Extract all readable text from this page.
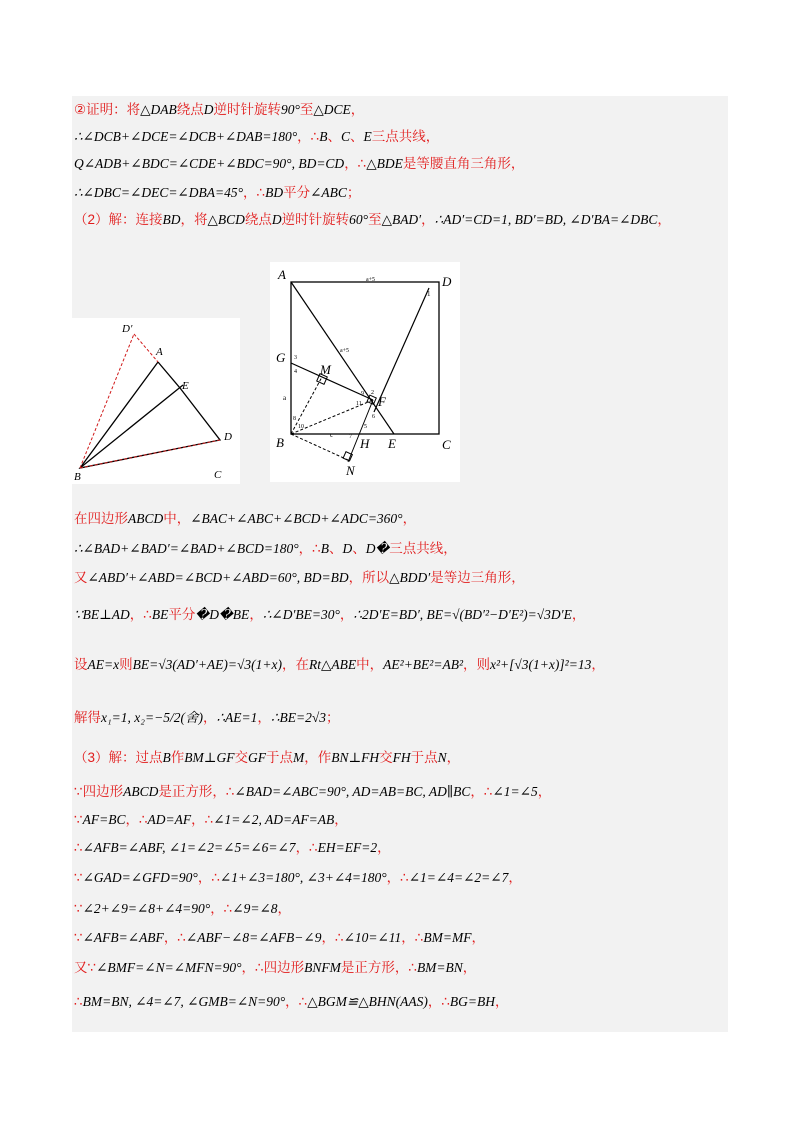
②证明：将△DAB绕点D逆时针旋转90°至△DCE，
∴∠DCB+∠DCE=∠DCB+∠DAB=180°，∴B、C、E三点共线，
Q∠ADB+∠BDC=∠CDE+∠BDC=90°, BD=CD，∴△BDE是等腰直角三角形，
∴∠DBC=∠DEC=∠DBA=45°，∴BD平分∠ABC；
（2）解：连接BD，将△BCD绕点D逆时针旋转60°至△BAD′，∴AD′=CD=1, BD′=BD, ∠D′BA=∠DBC，
在四边形ABCD中，∠BAC+∠ABC+∠BCD+∠ADC=360°，
∴∠BAD+∠BAD′=∠BAD+∠BCD=180°，∴B、D、D�三点共线，
又∠ABD′+∠ABD=∠BCD+∠ABD=60°, BD=BD，所以△BDD′是等边三角形，
∵BE⊥AD，∴BE平分�D�BE，∴∠D′BE=30°，∴2D′E=BD′, BE=√(BD′²−D′E²)=√3D′E，
设AE=x则BE=√3(AD′+AE)=√3(1+x)，在Rt△ABE中，AE²+BE²=AB²，则x²+[√3(1+x)]²=13，
解得x₁=1, x₂=−5/2(舍)，∴AE=1，∴BE=2√3；
（3）解：过点B作BM⊥GF交GF于点M，作BN⊥FH交FH于点N，
∵四边形ABCD是正方形，∴∠BAD=∠ABC=90°, AD=AB=BC, AD∥BC，∴∠1=∠5，
∵AF=BC，∴AD=AF，∴∠1=∠2, AD=AF=AB，
∴∠AFB=∠ABF, ∠1=∠2=∠5=∠6=∠7，∴EH=EF=2，
∵∠GAD=∠GFD=90°，∴∠1+∠3=180°, ∠3+∠4=180°，∴∠1=∠4=∠2=∠7，
∵∠2+∠9=∠8+∠4=90°，∴∠9=∠8，
∵∠AFB=∠ABF，∴∠ABF−∠8=∠AFB−∠9，∴∠10=∠11，∴BM=MF，
又∵∠BMF=∠N=∠MFN=90°，∴四边形BNFM是正方形，∴BM=BN，
∴BM=BN, ∠4=∠7, ∠GMB=∠N=90°，∴△BGM≌△BHN(AAS)，∴BG=BH，
D′
A
E
D
B	C
A	D
B	C
G
M
F
E
H
N
a+5
a+5
a
c
1
2
3
4
5
6
7
8
9
10
11
